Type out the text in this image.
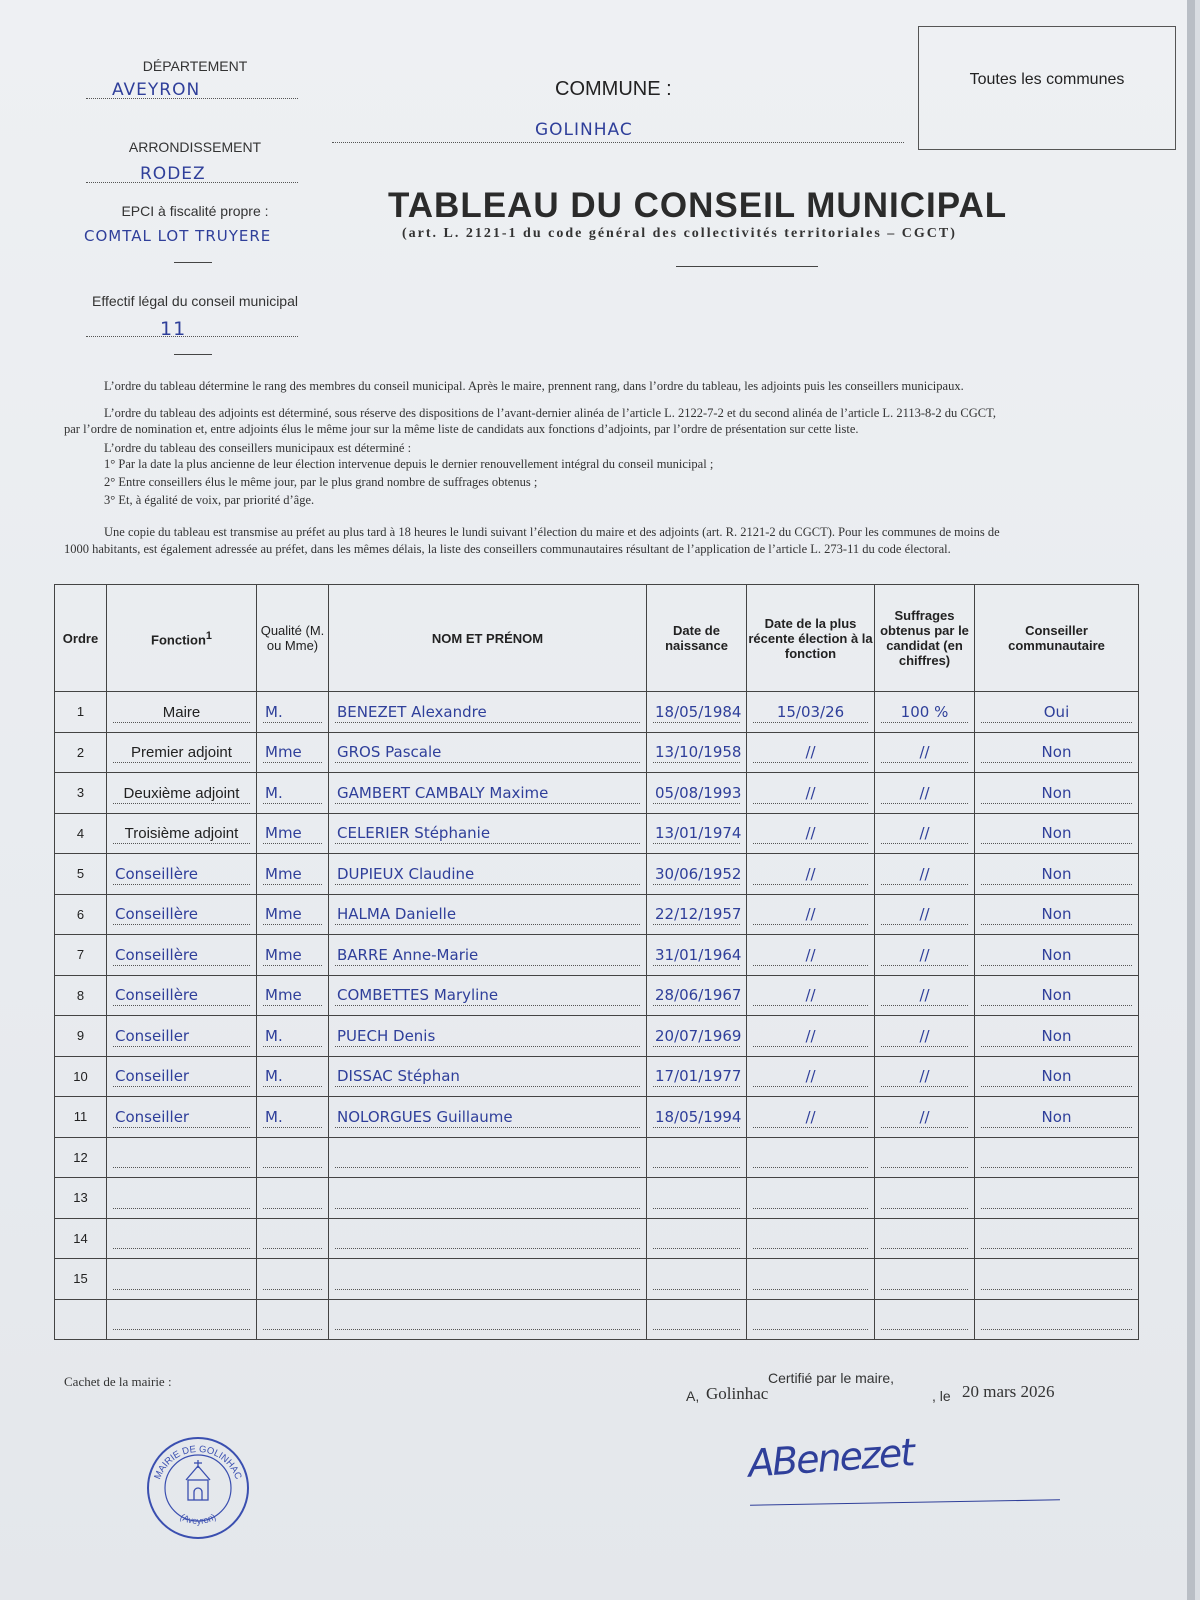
DÉPARTEMENT
AVEYRON
ARRONDISSEMENT
RODEZ
EPCI à fiscalité propre :
COMTAL LOT TRUYERE
Effectif légal du conseil municipal
11
COMMUNE :
GOLINHAC
Toutes les communes
TABLEAU DU CONSEIL MUNICIPAL
(art. L. 2121-1 du code général des collectivités territoriales – CGCT)
L’ordre du tableau détermine le rang des membres du conseil municipal. Après le maire, prennent rang, dans l’ordre du tableau, les adjoints puis les conseillers municipaux.
L’ordre du tableau des adjoints est déterminé, sous réserve des dispositions de l’avant-dernier alinéa de l’article L. 2122-7-2 et du second alinéa de l’article L. 2113-8-2 du CGCT,
par l’ordre de nomination et, entre adjoints élus le même jour sur la même liste de candidats aux fonctions d’adjoints, par l’ordre de présentation sur cette liste.
L’ordre du tableau des conseillers municipaux est déterminé :
1° Par la date la plus ancienne de leur élection intervenue depuis le dernier renouvellement intégral du conseil municipal ;
2° Entre conseillers élus le même jour, par le plus grand nombre de suffrages obtenus ;
3° Et, à égalité de voix, par priorité d’âge.
Une copie du tableau est transmise au préfet au plus tard à 18 heures le lundi suivant l’élection du maire et des adjoints (art. R. 2121-2 du CGCT). Pour les communes de moins de
1000 habitants, est également adressée au préfet, dans les mêmes délais, la liste des conseillers communautaires résultant de l’application de l’article L. 273-11 du code électoral.
Ordre	Fonction$^1$	Qualité (M. ou Mme)	NOM ET PRÉNOM	Date de naissance	Date de la plus récente élection à la fonction	Suffrages obtenus par le candidat (en chiffres)	Conseiller communautaire
1	Maire	M.	BENEZET Alexandre	18/05/1984	15/03/26	100 %	Oui

2	Premier adjoint	Mme	GROS Pascale	13/10/1958	//	//	Non

3	Deuxième adjoint	M.	GAMBERT CAMBALY Maxime	05/08/1993	//	//	Non

4	Troisième adjoint	Mme	CELERIER Stéphanie	13/01/1974	//	//	Non

5	Conseillère	Mme	DUPIEUX Claudine	30/06/1952	//	//	Non

6	Conseillère	Mme	HALMA Danielle	22/12/1957	//	//	Non

7	Conseillère	Mme	BARRE Anne-Marie	31/01/1964	//	//	Non

8	Conseillère	Mme	COMBETTES Maryline	28/06/1967	//	//	Non

9	Conseiller	M.	PUECH Denis	20/07/1969	//	//	Non

10	Conseiller	M.	DISSAC Stéphan	17/01/1977	//	//	Non

11	Conseiller	M.	NOLORGUES Guillaume	18/05/1994	//	//	Non

12	

13	

14	

15	

Cachet de la mairie :	Certifié par le maire,
A, Golinhac	, le 20 mars 2026
MAIRIE DE GOLINHAC
(Aveyron)
ABenezet
